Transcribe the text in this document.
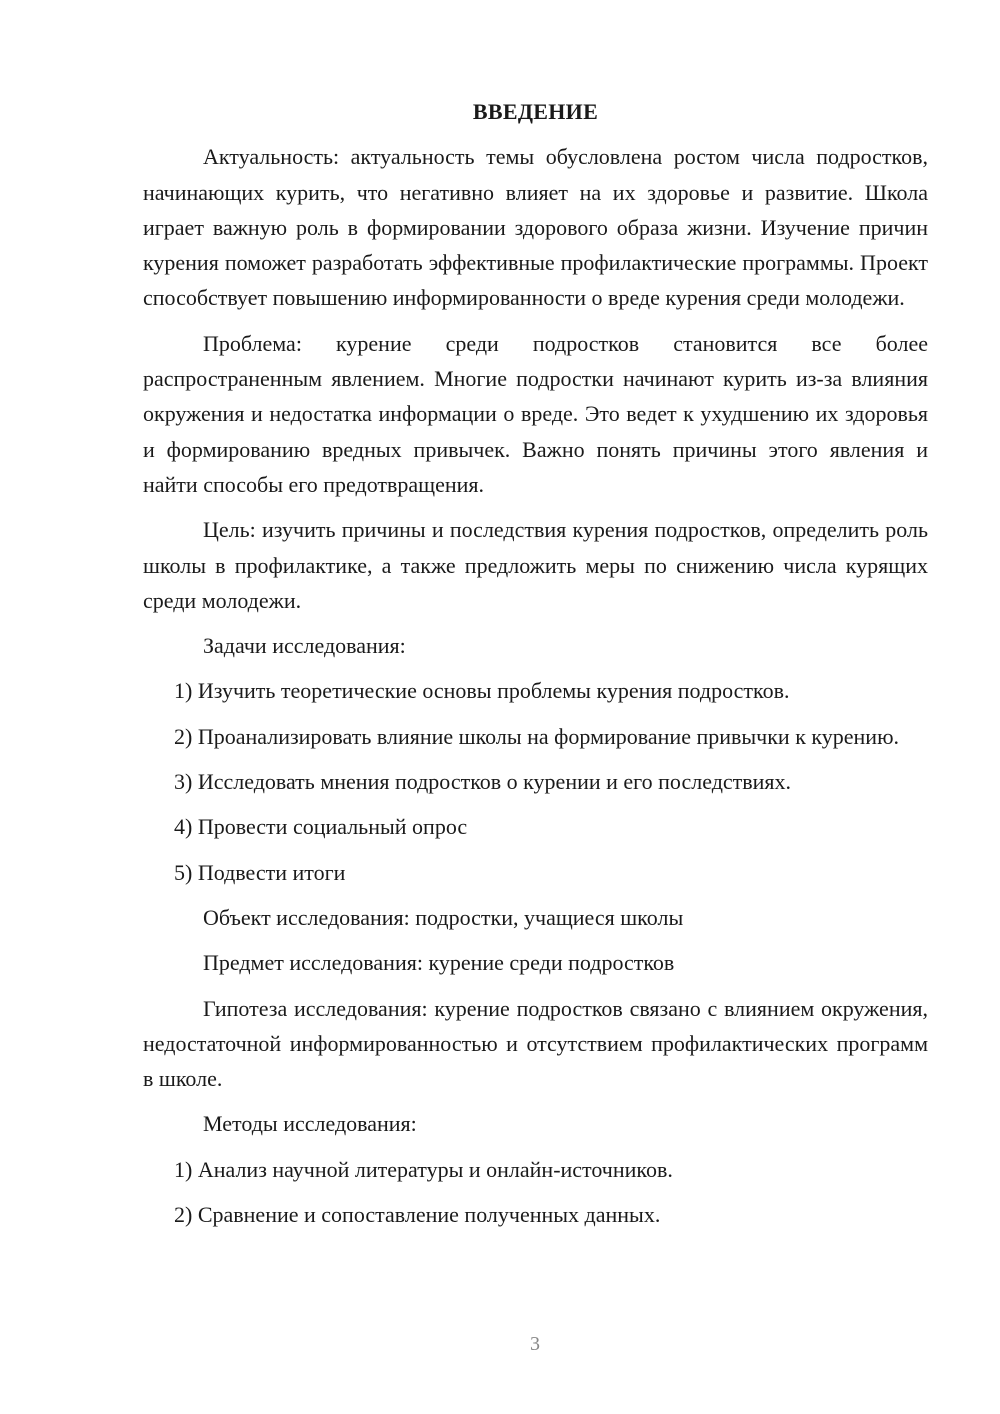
ВВЕДЕНИЕ

Актуальность: актуальность темы обусловлена ростом числа подростков, начинающих курить, что негативно влияет на их здоровье и развитие. Школа играет важную роль в формировании здорового образа жизни. Изучение причин курения поможет разработать эффективные профилактические программы. Проект способствует повышению информированности о вреде курения среди молодежи.

Проблема: курение среди подростков становится все более распространенным явлением. Многие подростки начинают курить из-за влияния окружения и недостатка информации о вреде. Это ведет к ухудшению их здоровья и формированию вредных привычек. Важно понять причины этого явления и найти способы его предотвращения.

Цель: изучить причины и последствия курения подростков, определить роль школы в профилактике, а также предложить меры по снижению числа курящих среди молодежи.

Задачи исследования:

1) Изучить теоретические основы проблемы курения подростков.

2) Проанализировать влияние школы на формирование привычки к курению.

3) Исследовать мнения подростков о курении и его последствиях.

4) Провести социальный опрос

5) Подвести итоги

Объект исследования: подростки, учащиеся школы

Предмет исследования: курение среди подростков

Гипотеза исследования: курение подростков связано с влиянием окружения, недостаточной информированностью и отсутствием профилактических программ в школе.

Методы исследования:

1) Анализ научной литературы и онлайн-источников.

2) Сравнение и сопоставление полученных данных.

3
